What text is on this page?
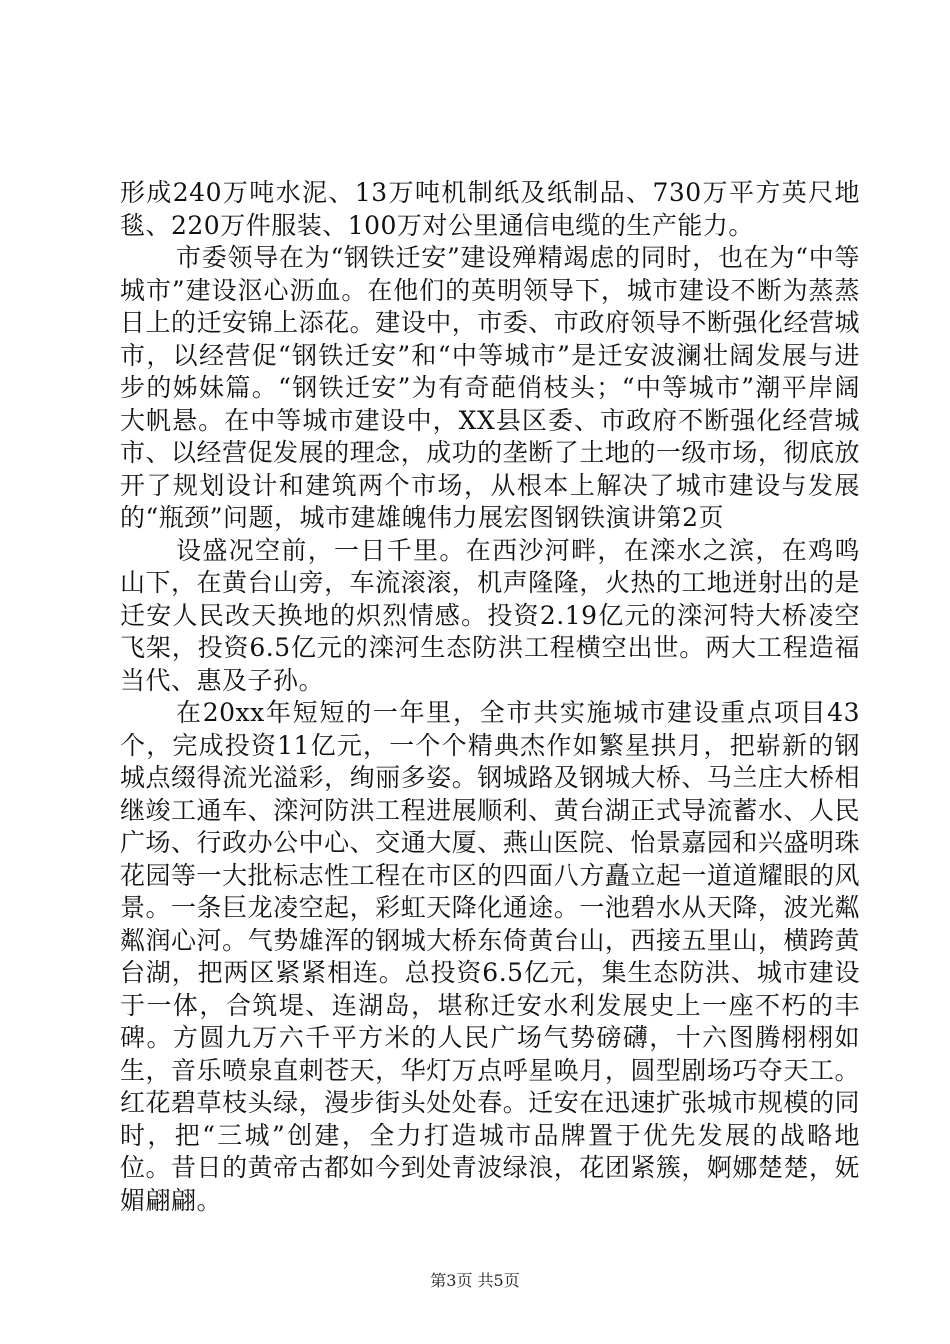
形成240万吨水泥、13万吨机制纸及纸制品、730万平方英尺地毯、220万件服装、100万对公里通信电缆的生产能力。

市委领导在为“钢铁迁安”建设殚精竭虑的同时，也在为“中等城市”建设沤心沥血。在他们的英明领导下，城市建设不断为蒸蒸日上的迁安锦上添花。建设中，市委、市政府领导不断强化经营城市，以经营促“钢铁迁安”和“中等城市”是迁安波澜壮阔发展与进步的姊妹篇。“钢铁迁安”为有奇葩俏枝头；“中等城市”潮平岸阔大帆悬。在中等城市建设中，XX县区委、市政府不断强化经营城市、以经营促发展的理念，成功的垄断了土地的一级市场，彻底放开了规划设计和建筑两个市场，从根本上解决了城市建设与发展的“瓶颈”问题，城市建雄魄伟力展宏图钢铁演讲第2页

设盛况空前，一日千里。在西沙河畔，在滦水之滨，在鸡鸣山下，在黄台山旁，车流滚滚，机声隆隆，火热的工地迸射出的是迁安人民改天换地的炽烈情感。投资2.19亿元的滦河特大桥凌空飞架，投资6.5亿元的滦河生态防洪工程横空出世。两大工程造福当代、惠及子孙。

在20xx年短短的一年里，全市共实施城市建设重点项目43个，完成投资11亿元，一个个精典杰作如繁星拱月，把崭新的钢城点缀得流光溢彩，绚丽多姿。钢城路及钢城大桥、马兰庄大桥相继竣工通车、滦河防洪工程进展顺利、黄台湖正式导流蓄水、人民广场、行政办公中心、交通大厦、燕山医院、怡景嘉园和兴盛明珠花园等一大批标志性工程在市区的四面八方矗立起一道道耀眼的风景。一条巨龙凌空起，彩虹天降化通途。一池碧水从天降，波光粼粼润心河。气势雄浑的钢城大桥东倚黄台山，西接五里山，横跨黄台湖，把两区紧紧相连。总投资6.5亿元，集生态防洪、城市建设于一体，合筑堤、连湖岛，堪称迁安水利发展史上一座不朽的丰碑。方圆九万六千平方米的人民广场气势磅礴，十六图腾栩栩如生，音乐喷泉直刺苍天，华灯万点呼星唤月，圆型剧场巧夺天工。红花碧草枝头绿，漫步街头处处春。迁安在迅速扩张城市规模的同时，把“三城”创建，全力打造城市品牌置于优先发展的战略地位。昔日的黄帝古都如今到处青波绿浪，花团紧簇，婀娜楚楚，妩媚翩翩。

第3页 共5页
